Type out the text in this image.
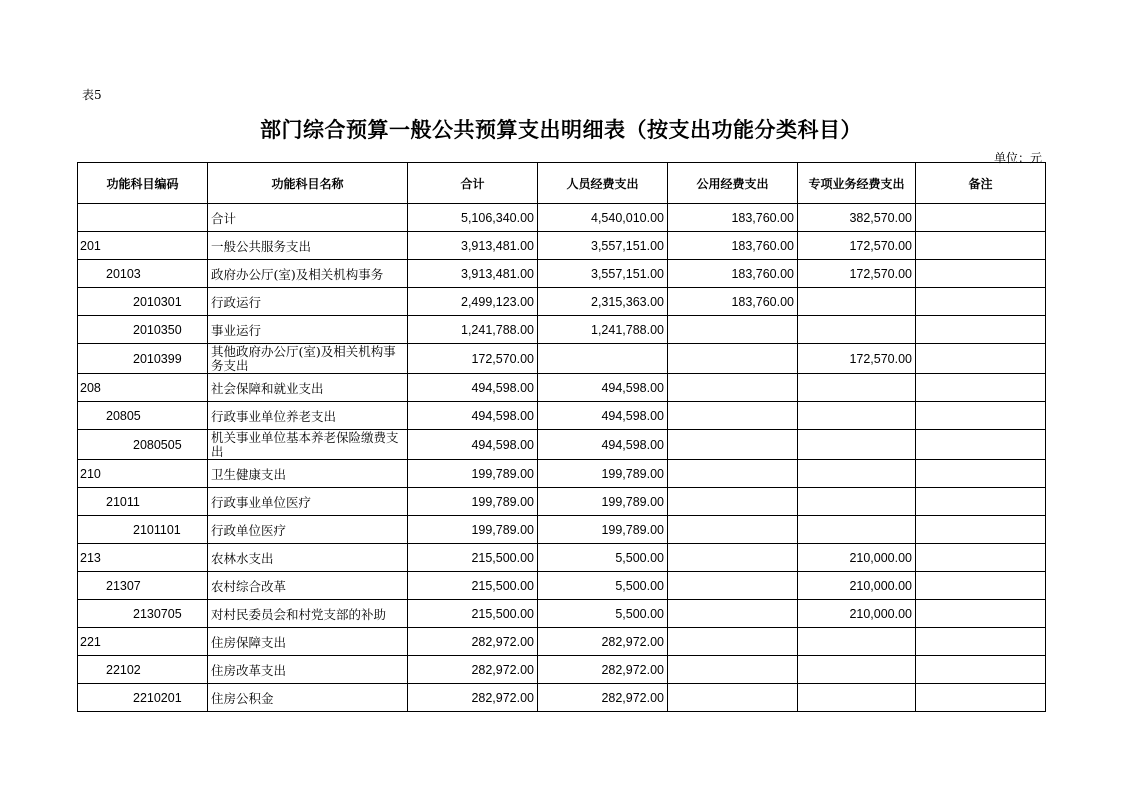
表5
部门综合预算一般公共预算支出明细表（按支出功能分类科目）
单位：元
功能科目编码	功能科目名称	合计	人员经费支出	公用经费支出	专项业务经费支出	备注
	合计	5,106,340.00	4,540,010.00	183,760.00	382,570.00	
201	一般公共服务支出	3,913,481.00	3,557,151.00	183,760.00	172,570.00	
20103	政府办公厅(室)及相关机构事务	3,913,481.00	3,557,151.00	183,760.00	172,570.00	
2010301	行政运行	2,499,123.00	2,315,363.00	183,760.00		
2010350	事业运行	1,241,788.00	1,241,788.00			
2010399	其他政府办公厅(室)及相关机构事务支出	172,570.00			172,570.00	
208	社会保障和就业支出	494,598.00	494,598.00			
20805	行政事业单位养老支出	494,598.00	494,598.00			
2080505	机关事业单位基本养老保险缴费支出	494,598.00	494,598.00			
210	卫生健康支出	199,789.00	199,789.00			
21011	行政事业单位医疗	199,789.00	199,789.00			
2101101	行政单位医疗	199,789.00	199,789.00			
213	农林水支出	215,500.00	5,500.00		210,000.00	
21307	农村综合改革	215,500.00	5,500.00		210,000.00	
2130705	对村民委员会和村党支部的补助	215,500.00	5,500.00		210,000.00	
221	住房保障支出	282,972.00	282,972.00			
22102	住房改革支出	282,972.00	282,972.00			
2210201	住房公积金	282,972.00	282,972.00			
